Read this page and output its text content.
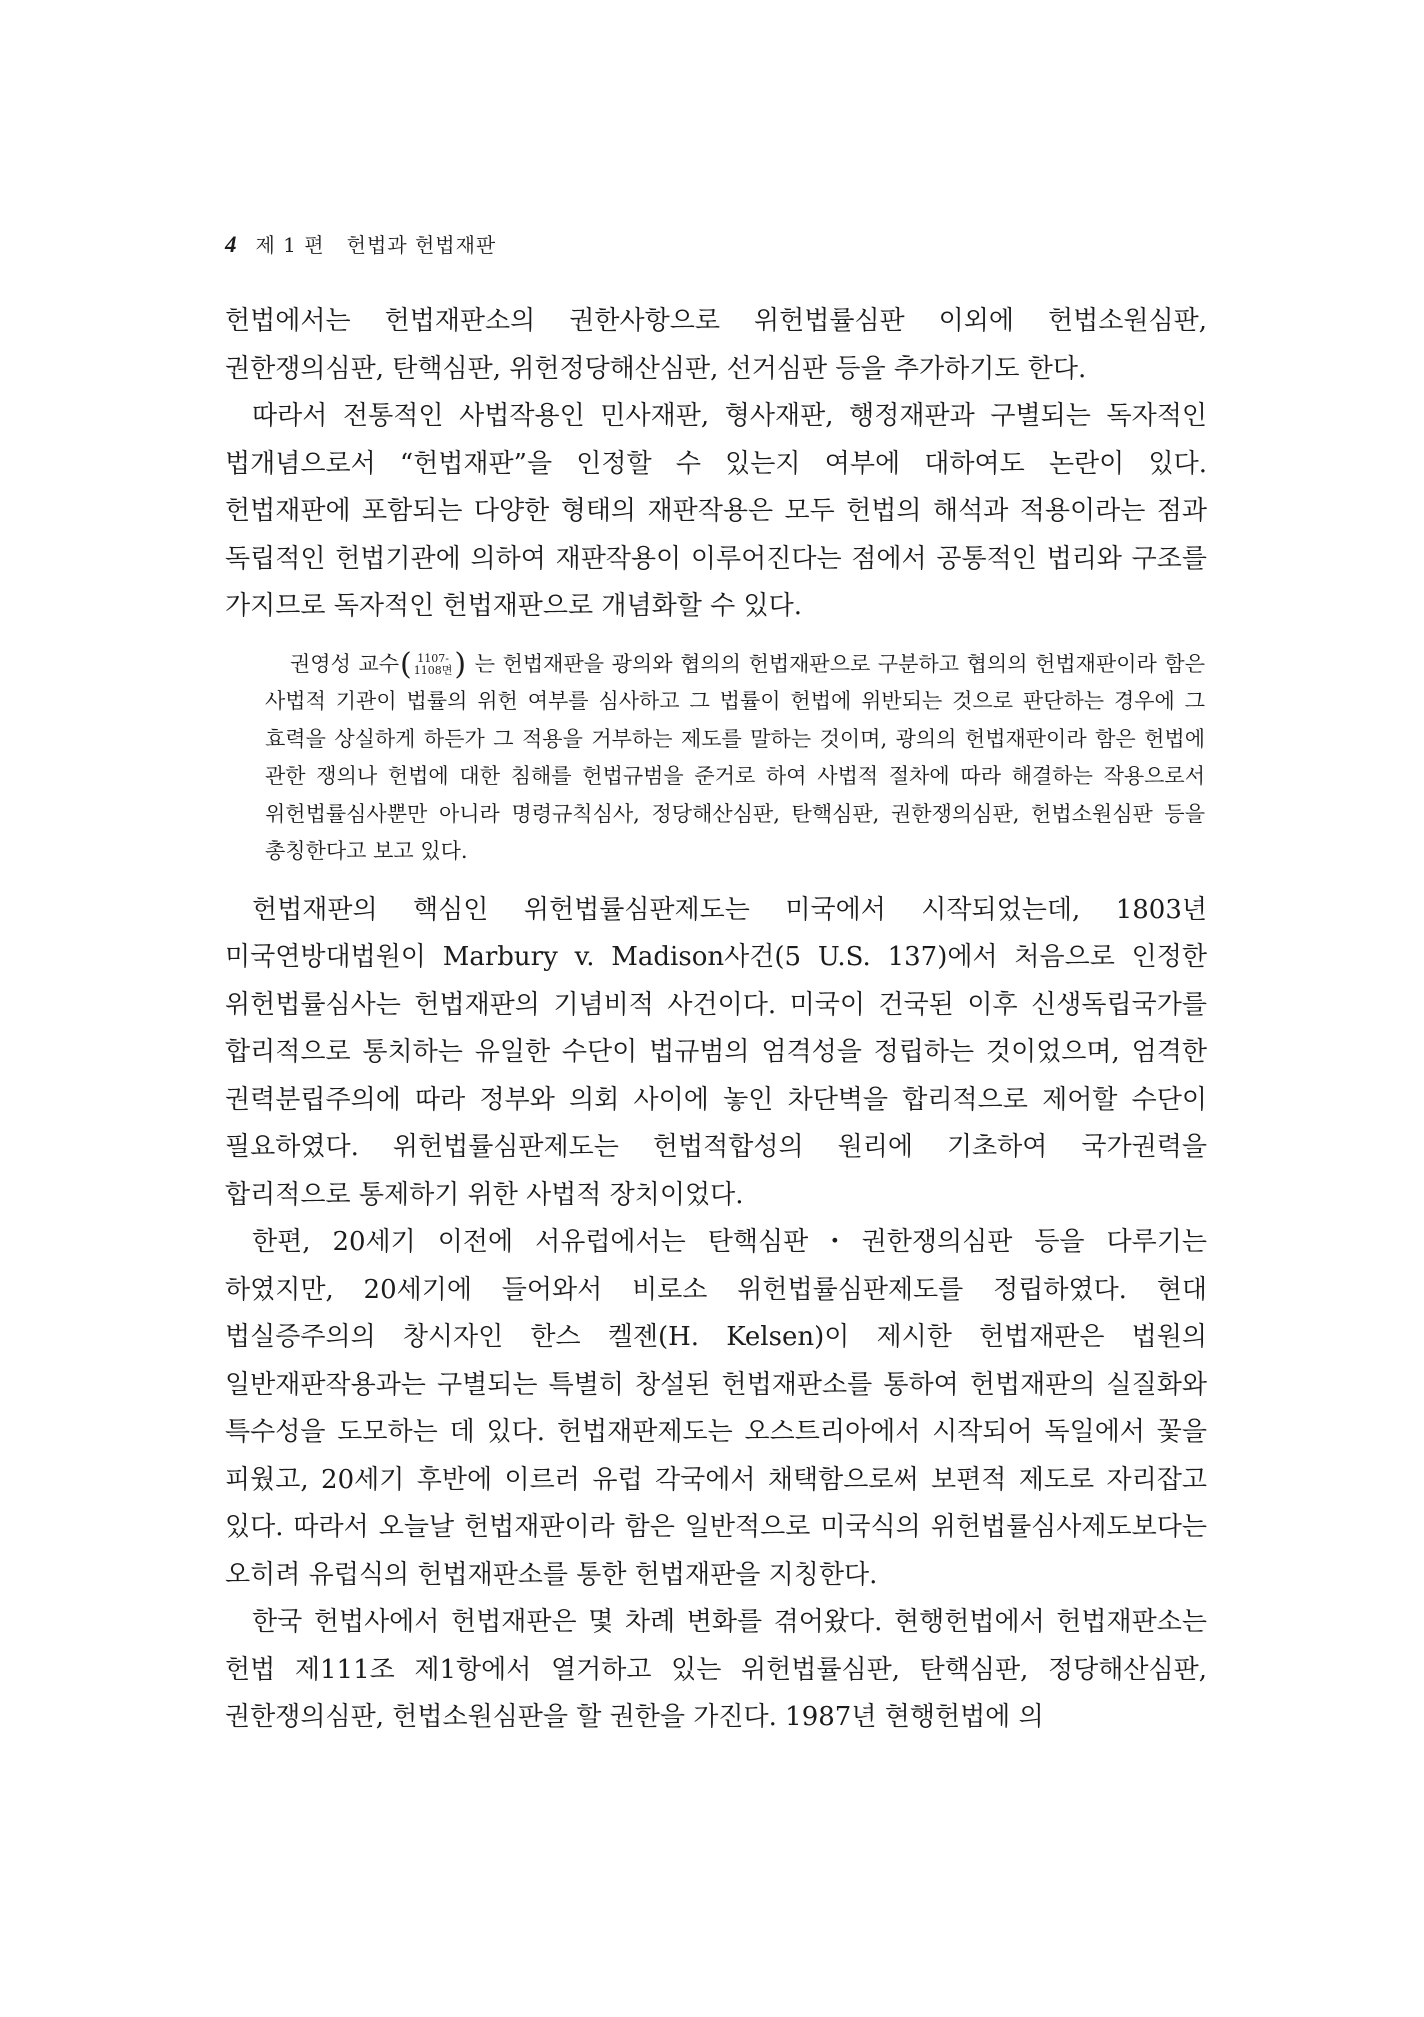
4 제 1 편   헌법과 헌법재판

헌법에서는 헌법재판소의 권한사항으로 위헌법률심판 이외에 헌법소원심판, 권한쟁의심판, 탄핵심판, 위헌정당해산심판, 선거심판 등을 추가하기도 한다.

따라서 전통적인 사법작용인 민사재판, 형사재판, 행정재판과 구별되는 독자적인 법개념으로서 “헌법재판”을 인정할 수 있는지 여부에 대하여도 논란이 있다. 헌법재판에 포함되는 다양한 형태의 재판작용은 모두 헌법의 해석과 적용이라는 점과 독립적인 헌법기관에 의하여 재판작용이 이루어진다는 점에서 공통적인 법리와 구조를 가지므로 독자적인 헌법재판으로 개념화할 수 있다.

권영성 교수 ( 1107-
1108면 ) 는 헌법재판을 광의와 협의의 헌법재판으로 구분하고 협의의 헌법재판이라 함은 사법적 기관이 법률의 위헌 여부를 심사하고 그 법률이 헌법에 위반되는 것으로 판단하는 경우에 그 효력을 상실하게 하든가 그 적용을 거부하는 제도를 말하는 것이며, 광의의 헌법재판이라 함은 헌법에 관한 쟁의나 헌법에 대한 침해를 헌법규범을 준거로 하여 사법적 절차에 따라 해결하는 작용으로서 위헌법률심사뿐만 아니라 명령규칙심사, 정당해산심판, 탄핵심판, 권한쟁의심판, 헌법소원심판 등을 총칭한다고 보고 있다.

헌법재판의 핵심인 위헌법률심판제도는 미국에서 시작되었는데, 1803년 미국연방대법원이 Marbury v. Madison사건(5 U.S. 137)에서 처음으로 인정한 위헌법률심사는 헌법재판의 기념비적 사건이다. 미국이 건국된 이후 신생독립국가를 합리적으로 통치하는 유일한 수단이 법규범의 엄격성을 정립하는 것이었으며, 엄격한 권력분립주의에 따라 정부와 의회 사이에 놓인 차단벽을 합리적으로 제어할 수단이 필요하였다. 위헌법률심판제도는 헌법적합성의 원리에 기초하여 국가권력을 합리적으로 통제하기 위한 사법적 장치이었다.

한편, 20세기 이전에 서유럽에서는 탄핵심판・권한쟁의심판 등을 다루기는 하였지만, 20세기에 들어와서 비로소 위헌법률심판제도를 정립하였다. 현대 법실증주의의 창시자인 한스 켈젠(H. Kelsen)이 제시한 헌법재판은 법원의 일반재판작용과는 구별되는 특별히 창설된 헌법재판소를 통하여 헌법재판의 실질화와 특수성을 도모하는 데 있다. 헌법재판제도는 오스트리아에서 시작되어 독일에서 꽃을 피웠고, 20세기 후반에 이르러 유럽 각국에서 채택함으로써 보편적 제도로 자리잡고 있다. 따라서 오늘날 헌법재판이라 함은 일반적으로 미국식의 위헌법률심사제도보다는 오히려 유럽식의 헌법재판소를 통한 헌법재판을 지칭한다.

한국 헌법사에서 헌법재판은 몇 차례 변화를 겪어왔다. 현행헌법에서 헌법재판소는 헌법 제111조 제1항에서 열거하고 있는 위헌법률심판, 탄핵심판, 정당해산심판, 권한쟁의심판, 헌법소원심판을 할 권한을 가진다. 1987년 현행헌법에 의
